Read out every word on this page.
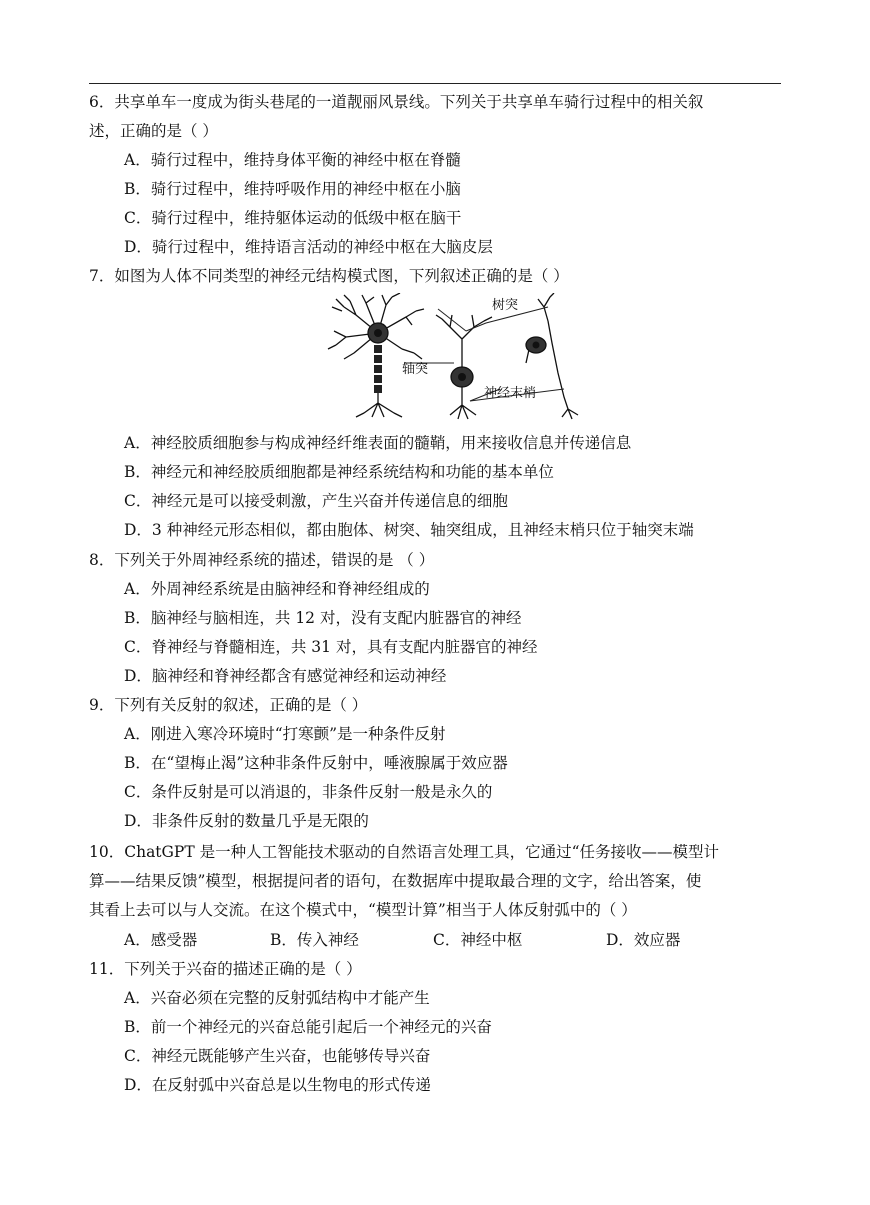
6．共享单车一度成为街头巷尾的一道靓丽风景线。下列关于共享单车骑行过程中的相关叙
述，正确的是（ ）
A．骑行过程中，维持身体平衡的神经中枢在脊髓
B．骑行过程中，维持呼吸作用的神经中枢在小脑
C．骑行过程中，维持躯体运动的低级中枢在脑干
D．骑行过程中，维持语言活动的神经中枢在大脑皮层
7．如图为人体不同类型的神经元结构模式图，下列叙述正确的是（ ）
树突
轴突
神经末梢
A．神经胶质细胞参与构成神经纤维表面的髓鞘，用来接收信息并传递信息
B．神经元和神经胶质细胞都是神经系统结构和功能的基本单位
C．神经元是可以接受刺激，产生兴奋并传递信息的细胞
D．3 种神经元形态相似，都由胞体、树突、轴突组成，且神经末梢只位于轴突末端
8．下列关于外周神经系统的描述，错误的是 （ ）
A．外周神经系统是由脑神经和脊神经组成的
B．脑神经与脑相连，共 12 对，没有支配内脏器官的神经
C．脊神经与脊髓相连，共 31 对，具有支配内脏器官的神经
D．脑神经和脊神经都含有感觉神经和运动神经
9．下列有关反射的叙述，正确的是（ ）
A．刚进入寒冷环境时“打寒颤”是一种条件反射
B．在“望梅止渴”这种非条件反射中，唾液腺属于效应器
C．条件反射是可以消退的，非条件反射一般是永久的
D．非条件反射的数量几乎是无限的
10．ChatGPT 是一种人工智能技术驱动的自然语言处理工具，它通过“任务接收——模型计
算——结果反馈”模型，根据提问者的语句，在数据库中提取最合理的文字，给出答案，使
其看上去可以与人交流。在这个模式中，“模型计算”相当于人体反射弧中的（ ）
A．感受器	B．传入神经	C．神经中枢	D．效应器
11．下列关于兴奋的描述正确的是（ ）
A．兴奋必须在完整的反射弧结构中才能产生
B．前一个神经元的兴奋总能引起后一个神经元的兴奋
C．神经元既能够产生兴奋，也能够传导兴奋
D．在反射弧中兴奋总是以生物电的形式传递
